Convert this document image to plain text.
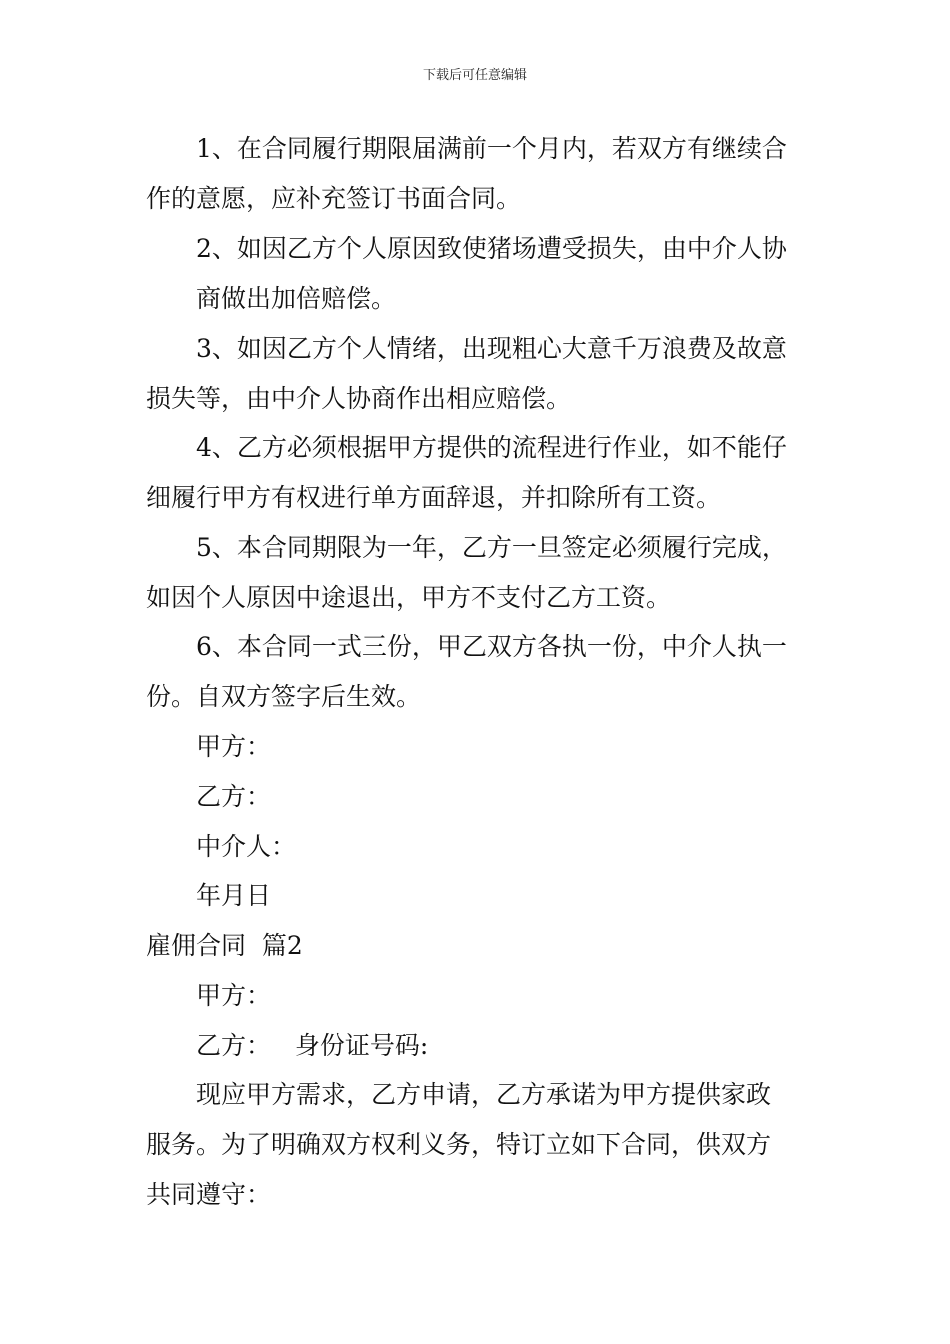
下载后可任意编辑
1、在合同履行期限届满前一个月内，若双方有继续合
作的意愿，应补充签订书面合同。
2、如因乙方个人原因致使猪场遭受损失，由中介人协
商做出加倍赔偿。
3、如因乙方个人情绪，出现粗心大意千万浪费及故意
损失等，由中介人协商作出相应赔偿。
4、乙方必须根据甲方提供的流程进行作业，如不能仔
细履行甲方有权进行单方面辞退，并扣除所有工资。
5、本合同期限为一年，乙方一旦签定必须履行完成，
如因个人原因中途退出，甲方不支付乙方工资。
6、本合同一式三份，甲乙双方各执一份，中介人执一
份。自双方签字后生效。
甲方：
乙方：
中介人：
年月日
雇佣合同  篇2
甲方：
乙方：   身份证号码:
现应甲方需求，乙方申请，乙方承诺为甲方提供家政
服务。为了明确双方权利义务，特订立如下合同，供双方
共同遵守：
